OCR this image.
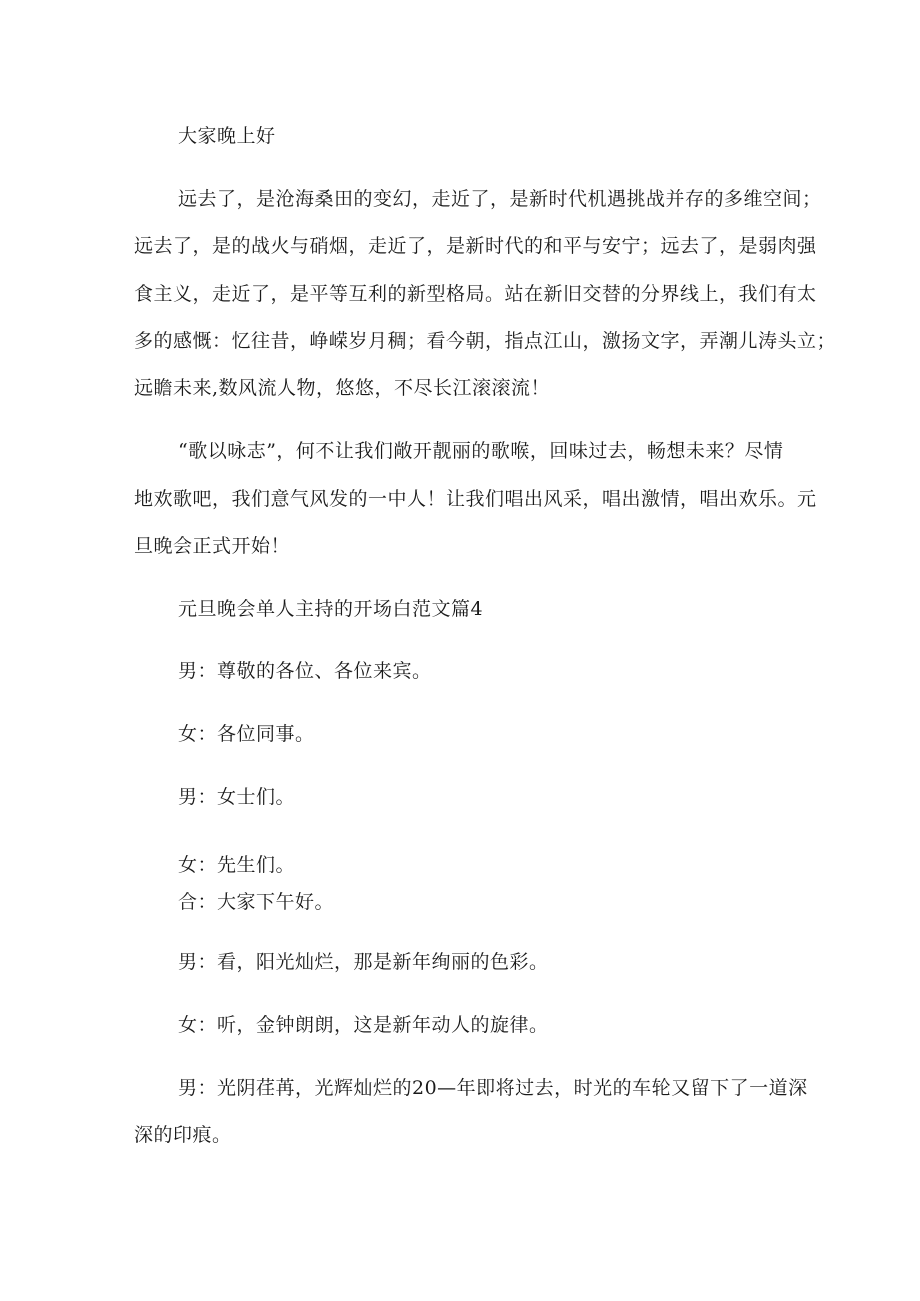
大家晚上好
远去了，是沧海桑田的变幻，走近了，是新时代机遇挑战并存的多维空间；
远去了，是的战火与硝烟，走近了，是新时代的和平与安宁；远去了，是弱肉强
食主义，走近了，是平等互利的新型格局。站在新旧交替的分界线上，我们有太
多的感慨：忆往昔，峥嵘岁月稠；看今朝，指点江山，激扬文字，弄潮儿涛头立；
远瞻未来,数风流人物，悠悠，不尽长江滚滚流！
“歌以咏志”，何不让我们敞开靓丽的歌喉，回味过去，畅想未来？尽情
地欢歌吧，我们意气风发的一中人！让我们唱出风采，唱出激情，唱出欢乐。元
旦晚会正式开始！
元旦晚会单人主持的开场白范文篇4
男：尊敬的各位、各位来宾。
女：各位同事。
男：女士们。
女：先生们。
合：大家下午好。
男：看，阳光灿烂，那是新年绚丽的色彩。
女：听，金钟朗朗，这是新年动人的旋律。
男：光阴荏苒，光辉灿烂的20—年即将过去，时光的车轮又留下了一道深
深的印痕。
